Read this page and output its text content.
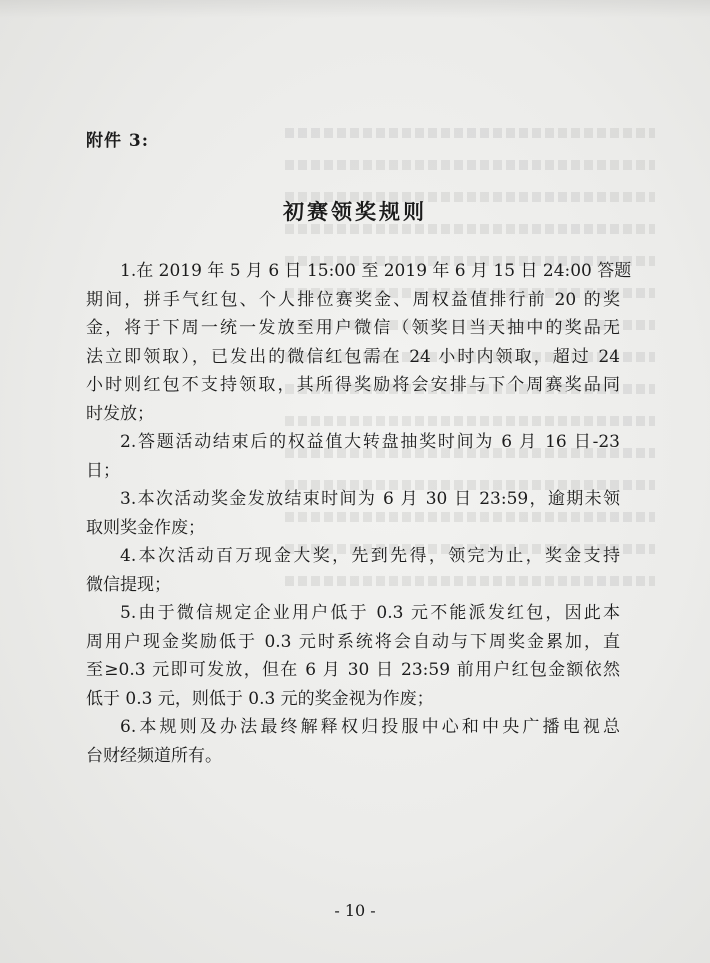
附件 3:

初赛领奖规则

1.在 2019 年 5 月 6 日 15:00 至 2019 年 6 月 15 日 24:00 答题

期间，拼手气红包、个人排位赛奖金、周权益值排行前 20 的奖

金，将于下周一统一发放至用户微信（领奖日当天抽中的奖品无

法立即领取），已发出的微信红包需在 24 小时内领取，超过 24

小时则红包不支持领取，其所得奖励将会安排与下个周赛奖品同

时发放；

2.答题活动结束后的权益值大转盘抽奖时间为 6 月 16 日-23

日；

3.本次活动奖金发放结束时间为 6 月 30 日 23:59，逾期未领

取则奖金作废；

4.本次活动百万现金大奖，先到先得，领完为止，奖金支持

微信提现；

5.由于微信规定企业用户低于 0.3 元不能派发红包，因此本

周用户现金奖励低于 0.3 元时系统将会自动与下周奖金累加，直

至≥0.3 元即可发放，但在 6 月 30 日 23:59 前用户红包金额依然

低于 0.3 元，则低于 0.3 元的奖金视为作废；

6.本规则及办法最终解释权归投服中心和中央广播电视总

台财经频道所有。

- 10 -
